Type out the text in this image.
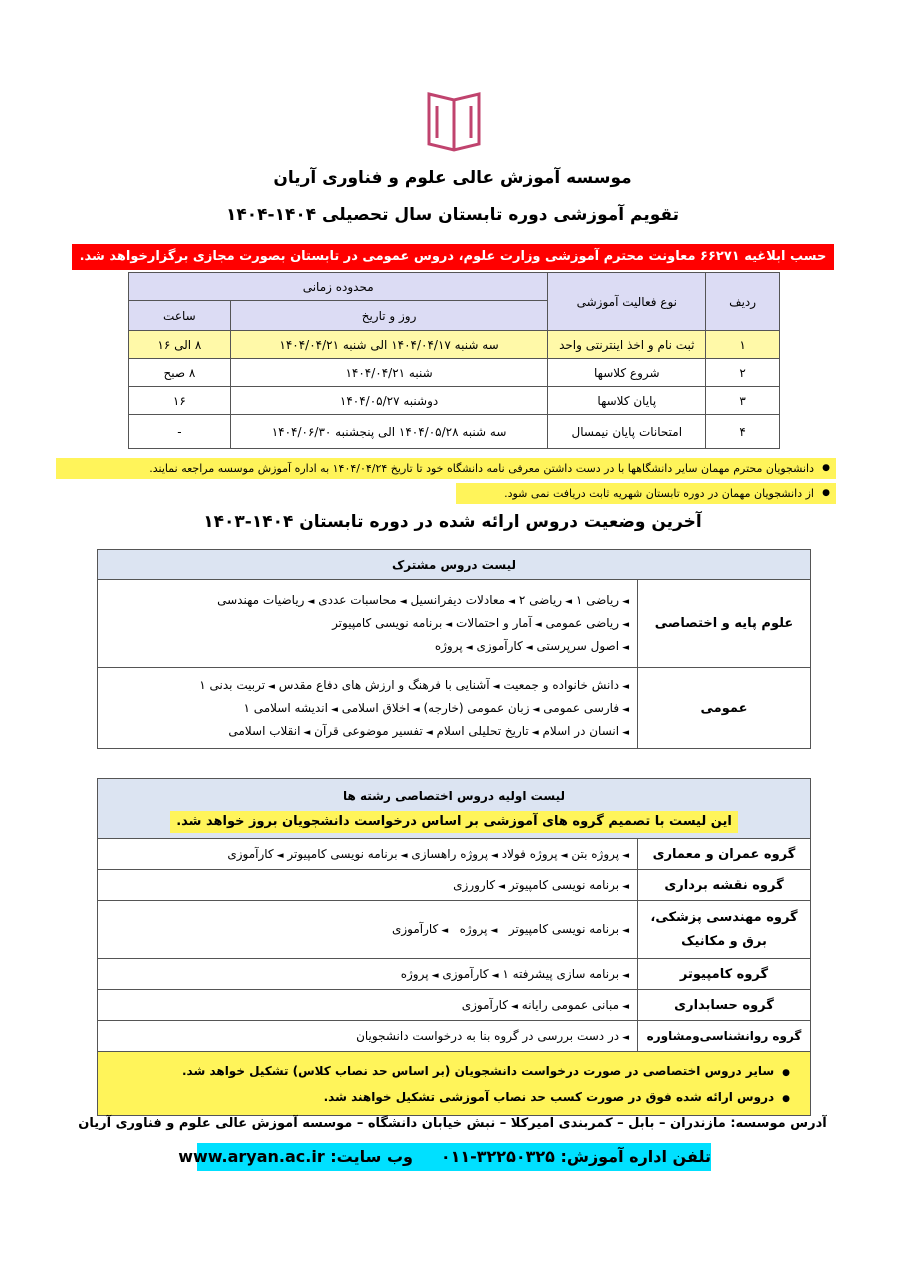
موسسه آموزش عالی علوم و فناوری آریان
تقویم آموزشی دوره تابستان سال تحصیلی ۱۴۰۴-۱۴۰۴
حسب ابلاغیه ۶۶۲۷۱ معاونت محترم آموزشی وزارت علوم، دروس عمومی در تابستان بصورت مجازی برگزارخواهد شد.
ردیف	نوع فعالیت آموزشی	محدوده زمانی	
		روز و تاریخ	ساعت
۱	ثبت نام و اخذ اینترنتی واحد	سه شنبه ۱۴۰۴/۰۴/۱۷ الی شنبه ۱۴۰۴/۰۴/۲۱	۸ الی ۱۶
۲	شروع کلاسها	شنبه ۱۴۰۴/۰۴/۲۱	۸ صبح
۳	پایان کلاسها	دوشنبه ۱۴۰۴/۰۵/۲۷	۱۶
۴	امتحانات پایان نیمسال	سه شنبه ۱۴۰۴/۰۵/۲۸ الی پنجشنبه ۱۴۰۴/۰۶/۳۰	-
● دانشجویان محترم مهمان سایر دانشگاهها با در دست داشتن معرفی نامه دانشگاه خود تا تاریخ ۱۴۰۴/۰۴/۲۴ به اداره آموزش موسسه مراجعه نمایند.
● از دانشجویان مهمان در دوره تابستان شهریه ثابت دریافت نمی شود.
آخرین وضعیت دروس ارائه شده در دوره تابستان ۱۴۰۴-۱۴۰۳
لیست دروس مشترک
علوم پایه و اختصاصی
◄ریاضی ۱ ◄ریاضی ۲ ◄معادلات دیفرانسیل ◄محاسبات عددی ◄ریاضیات مهندسی
◄ریاضی عمومی ◄آمار و احتمالات ◄برنامه نویسی کامپیوتر
◄اصول سرپرستی ◄کارآموزی ◄پروژه
عمومی
◄دانش خانواده و جمعیت ◄آشنایی با فرهنگ و ارزش های دفاع مقدس ◄تربیت بدنی ۱
◄فارسی عمومی ◄زبان عمومی (خارجه) ◄اخلاق اسلامی ◄اندیشه اسلامی ۱
◄انسان در اسلام ◄تاریخ تحلیلی اسلام ◄تفسیر موضوعی قرآن ◄انقلاب اسلامی
لیست اولیه دروس اختصاصی رشته ها
این لیست با تصمیم گروه های آموزشی بر اساس درخواست دانشجویان بروز خواهد شد.
گروه عمران و معماری
◄پروژه بتن ◄پروژه فولاد ◄پروژه راهسازی ◄برنامه نویسی کامپیوتر ◄کارآموزی
گروه نقشه برداری
◄برنامه نویسی کامپیوتر ◄کارورزی
گروه مهندسی پزشکی، برق و مکانیک
◄برنامه نویسی کامپیوتر   ◄پروژه   ◄کارآموزی
گروه کامپیوتر
◄برنامه سازی پیشرفته ۱ ◄کارآموزی ◄پروژه
گروه حسابداری
◄مبانی عمومی رایانه ◄کارآموزی
گروه روانشناسی‌ومشاوره
◄در دست بررسی در گروه بنا به درخواست دانشجویان
●سایر دروس اختصاصی در صورت درخواست دانشجویان (بر اساس حد نصاب کلاس) تشکیل خواهد شد.
●دروس ارائه شده فوق در صورت کسب حد نصاب آموزشی تشکیل خواهند شد.
آدرس موسسه: مازندران – بابل – کمربندی امیرکلا – نبش خیابان دانشگاه – موسسه آموزش عالی علوم و فناوری آریان
تلفن اداره آموزش: ۳۲۲۵۰۳۲۵-۰۱۱     وب سایت: www.aryan.ac.ir
